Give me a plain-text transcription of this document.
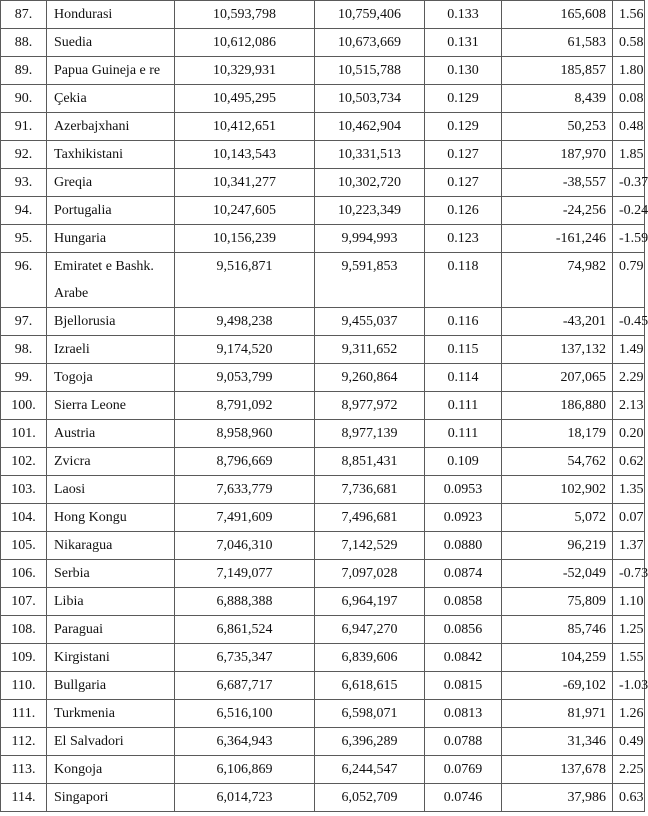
87.	Hondurasi	10,593,798	10,759,406	0.133	165,608	1.56
88.	Suedia	10,612,086	10,673,669	0.131	61,583	0.58
89.	Papua Guineja e re	10,329,931	10,515,788	0.130	185,857	1.80
90.	Çekia	10,495,295	10,503,734	0.129	8,439	0.08
91.	Azerbajxhani	10,412,651	10,462,904	0.129	50,253	0.48
92.	Taxhikistani	10,143,543	10,331,513	0.127	187,970	1.85
93.	Greqia	10,341,277	10,302,720	0.127	-38,557	-0.37
94.	Portugalia	10,247,605	10,223,349	0.126	-24,256	-0.24
95.	Hungaria	10,156,239	9,994,993	0.123	-161,246	-1.59
96.	Emiratet e Bashk. Arabe	9,516,871	9,591,853	0.118	74,982	0.79
97.	Bjellorusia	9,498,238	9,455,037	0.116	-43,201	-0.45
98.	Izraeli	9,174,520	9,311,652	0.115	137,132	1.49
99.	Togoja	9,053,799	9,260,864	0.114	207,065	2.29
100.	Sierra Leone	8,791,092	8,977,972	0.111	186,880	2.13
101.	Austria	8,958,960	8,977,139	0.111	18,179	0.20
102.	Zvicra	8,796,669	8,851,431	0.109	54,762	0.62
103.	Laosi	7,633,779	7,736,681	0.0953	102,902	1.35
104.	Hong Kongu	7,491,609	7,496,681	0.0923	5,072	0.07
105.	Nikaragua	7,046,310	7,142,529	0.0880	96,219	1.37
106.	Serbia	7,149,077	7,097,028	0.0874	-52,049	-0.73
107.	Libia	6,888,388	6,964,197	0.0858	75,809	1.10
108.	Paraguai	6,861,524	6,947,270	0.0856	85,746	1.25
109.	Kirgistani	6,735,347	6,839,606	0.0842	104,259	1.55
110.	Bullgaria	6,687,717	6,618,615	0.0815	-69,102	-1.03
111.	Turkmenia	6,516,100	6,598,071	0.0813	81,971	1.26
112.	El Salvadori	6,364,943	6,396,289	0.0788	31,346	0.49
113.	Kongoja	6,106,869	6,244,547	0.0769	137,678	2.25
114.	Singapori	6,014,723	6,052,709	0.0746	37,986	0.63
